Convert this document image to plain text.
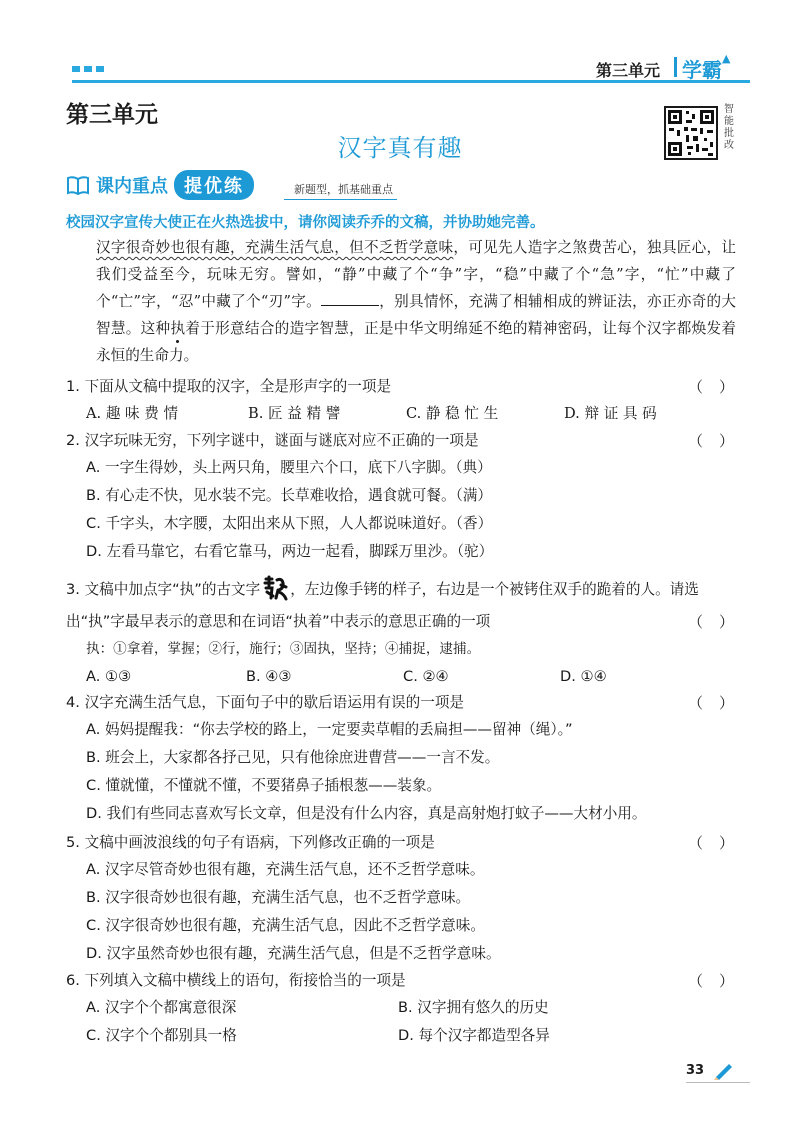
第三单元 学霸 ▲
第三单元
汉字真有趣
智能批改
课内重点 提优练	新题型，抓基础重点
校园汉字宣传大使正在火热选拔中，请你阅读乔乔的文稿，并协助她完善。
汉字很奇妙也很有趣，充满生活气息，但不乏哲学意味，可见先人造字之煞费苦心，独具匠心，让我们受益至今，玩味无穷。譬如，“静”中藏了个“争”字，“稳”中藏了个“急”字，“忙”中藏了个“亡”字，“忍”中藏了个“刃”字。	，别具情怀，充满了相辅相成的辨证法，亦正亦奇的大智慧。这种执着于形意结合的造字智慧，正是中华文明绵延不绝的精神密码，让每个汉字都焕发着永恒的生命力。
1. 下面从文稿中提取的汉字，全是形声字的一项是	（ ）
A. 趣 味 费 情	B. 匠 益 精 譬	C. 静 稳 忙 生	D. 辩 证 具 码
2. 汉字玩味无穷，下列字谜中，谜面与谜底对应不正确的一项是	（ ）
A. 一字生得妙，头上两只角，腰里六个口，底下八字脚。（典）
B. 有心走不快，见水装不完。长草难收拾，遇食就可餐。（满）
C. 千字头，木字腰，太阳出来从下照，人人都说味道好。（香）
D. 左看马靠它，右看它靠马，两边一起看，脚踩万里沙。（驼）
3. 文稿中加点字“执”的古文字 ，左边像手铐的样子，右边是一个被铐住双手的跪着的人。请选
出“执”字最早表示的意思和在词语“执着”中表示的意思正确的一项	（ ）
执：①拿着，掌握；②行，施行；③固执，坚持；④捕捉，逮捕。
A. ①③	B. ④③	C. ②④	D. ①④
4. 汉字充满生活气息，下面句子中的歇后语运用有误的一项是	（ ）
A. 妈妈提醒我：“你去学校的路上，一定要卖草帽的丢扁担——留神（绳）。”
B. 班会上，大家都各抒己见，只有他徐庶进曹营——一言不发。
C. 懂就懂，不懂就不懂，不要猪鼻子插根葱——装象。
D. 我们有些同志喜欢写长文章，但是没有什么内容，真是高射炮打蚊子——大材小用。
5. 文稿中画波浪线的句子有语病，下列修改正确的一项是	（ ）
A. 汉字尽管奇妙也很有趣，充满生活气息，还不乏哲学意味。
B. 汉字很奇妙也很有趣，充满生活气息，也不乏哲学意味。
C. 汉字很奇妙也很有趣，充满生活气息，因此不乏哲学意味。
D. 汉字虽然奇妙也很有趣，充满生活气息，但是不乏哲学意味。
6. 下列填入文稿中横线上的语句，衔接恰当的一项是	（ ）
A. 汉字个个都寓意很深	B. 汉字拥有悠久的历史
C. 汉字个个都别具一格	D. 每个汉字都造型各异
33
